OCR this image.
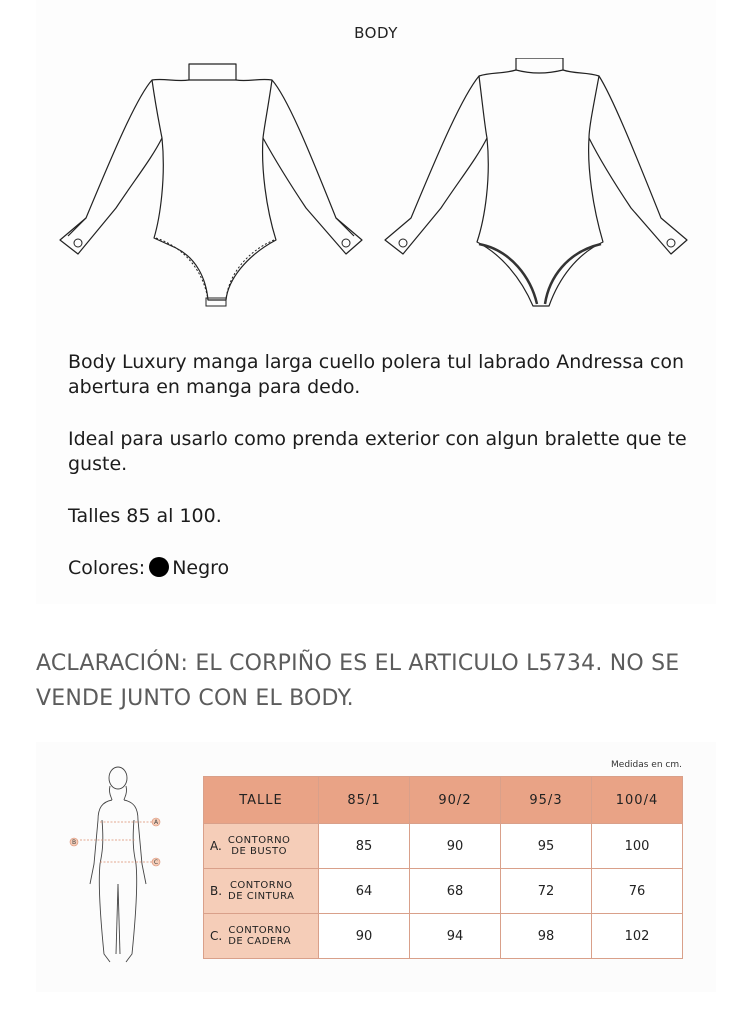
BODY

Body Luxury manga larga cuello polera tul labrado Andressa con abertura en manga para dedo.

Ideal para usarlo como prenda exterior con algun bralette que te guste.

Talles 85 al 100.

Colores: Negro

ACLARACIÓN: EL CORPIÑO ES EL ARTICULO L5734. NO SE VENDE JUNTO CON EL BODY.
Medidas en cm.
A
B
C
TALLE	85/1	90/2	95/3	100/4

A. CONTORNO
DE BUSTO	85	90	95	100

B. CONTORNO
DE CINTURA	64	68	72	76

C. CONTORNO
DE CADERA	90	94	98	102
